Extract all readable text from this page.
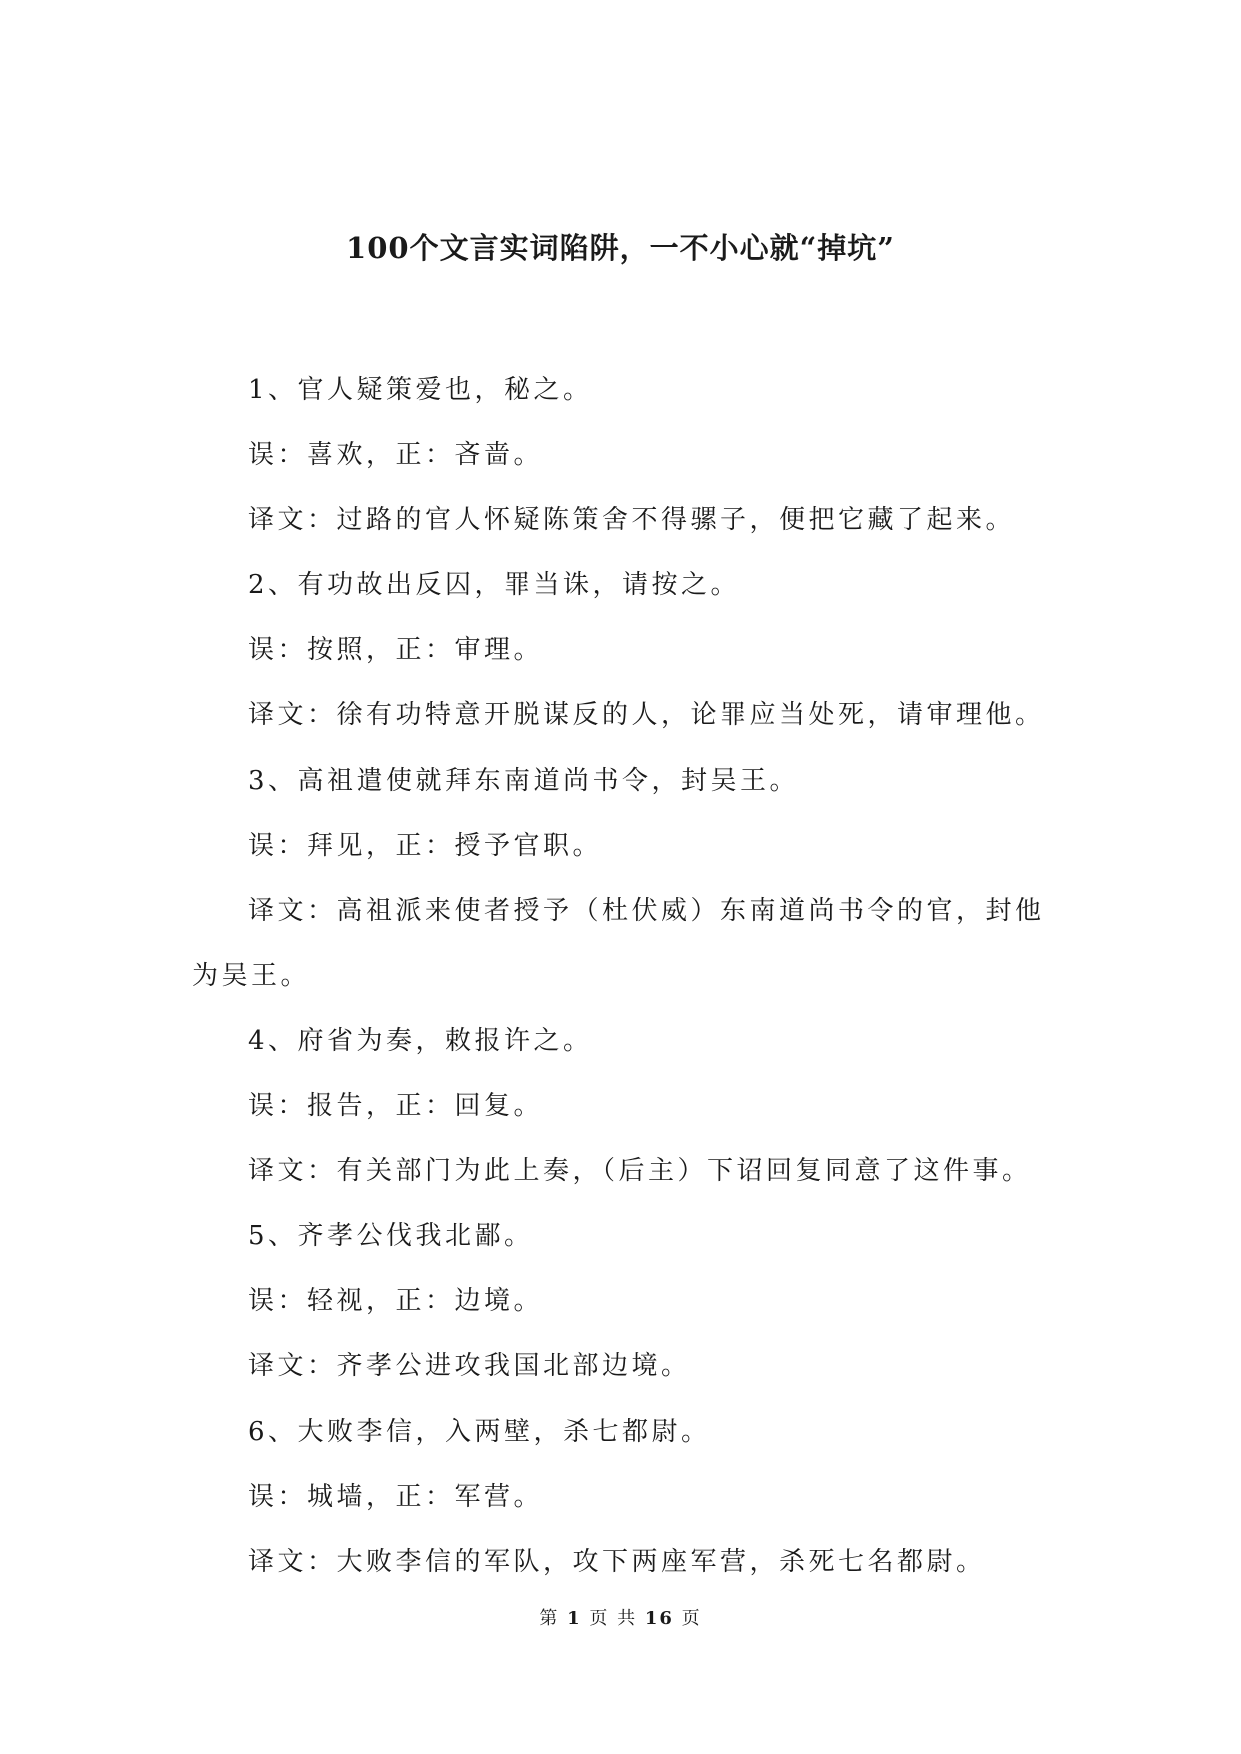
100个文言实词陷阱，一不小心就“掉坑”

1、官人疑策爱也，秘之。

误：喜欢，正：吝啬。

译文：过路的官人怀疑陈策舍不得骡子，便把它藏了起来。

2、有功故出反囚，罪当诛，请按之。

误：按照，正：审理。

译文：徐有功特意开脱谋反的人，论罪应当处死，请审理他。

3、高祖遣使就拜东南道尚书令，封吴王。

误：拜见，正：授予官职。

译文：高祖派来使者授予（杜伏威）东南道尚书令的官，封他为吴王。

4、府省为奏，敕报许之。

误：报告，正：回复。

译文：有关部门为此上奏，（后主）下诏回复同意了这件事。

5、齐孝公伐我北鄙。

误：轻视，正：边境。

译文：齐孝公进攻我国北部边境。

6、大败李信，入两壁，杀七都尉。

误：城墙，正：军营。

译文：大败李信的军队，攻下两座军营，杀死七名都尉。

第 1 页 共 16 页
